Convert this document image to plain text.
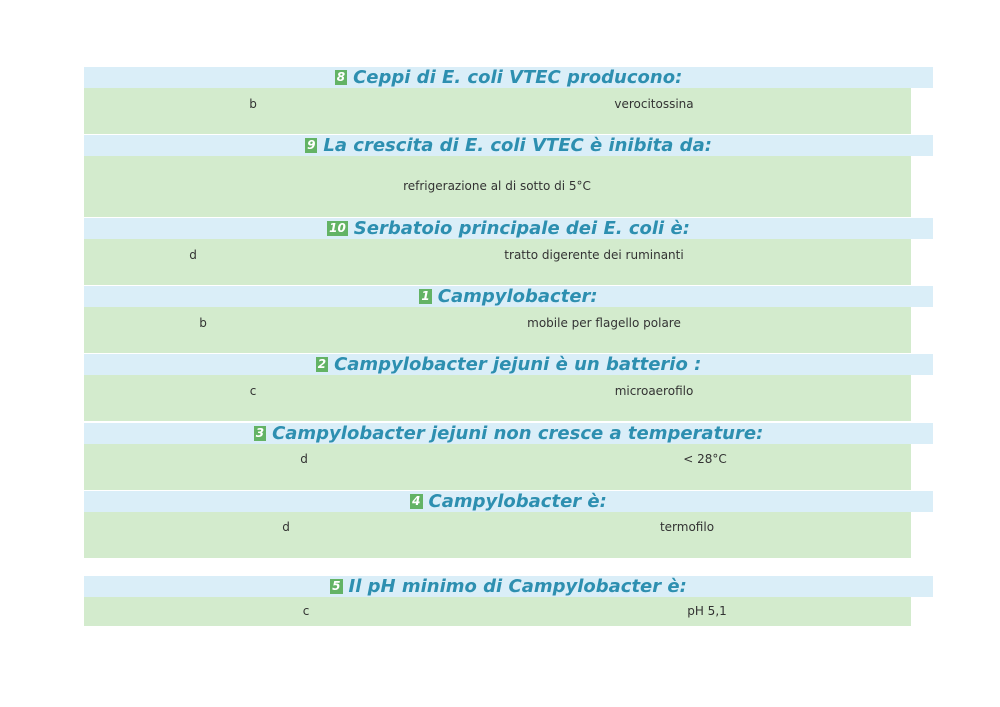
8 Ceppi di E. coli VTEC producono:
b	verocitossina
9 La crescita di E. coli VTEC è inibita da:
refrigerazione al di sotto di 5°C
10 Serbatoio principale dei E. coli è:
d	tratto digerente dei ruminanti
1 Campylobacter:
b	mobile per flagello polare
2 Campylobacter jejuni è un batterio :
c	microaerofilo
3 Campylobacter jejuni non cresce a temperature:
d	< 28°C
4 Campylobacter è:
d	termofilo
5 Il pH minimo di Campylobacter è:
c	pH 5,1
